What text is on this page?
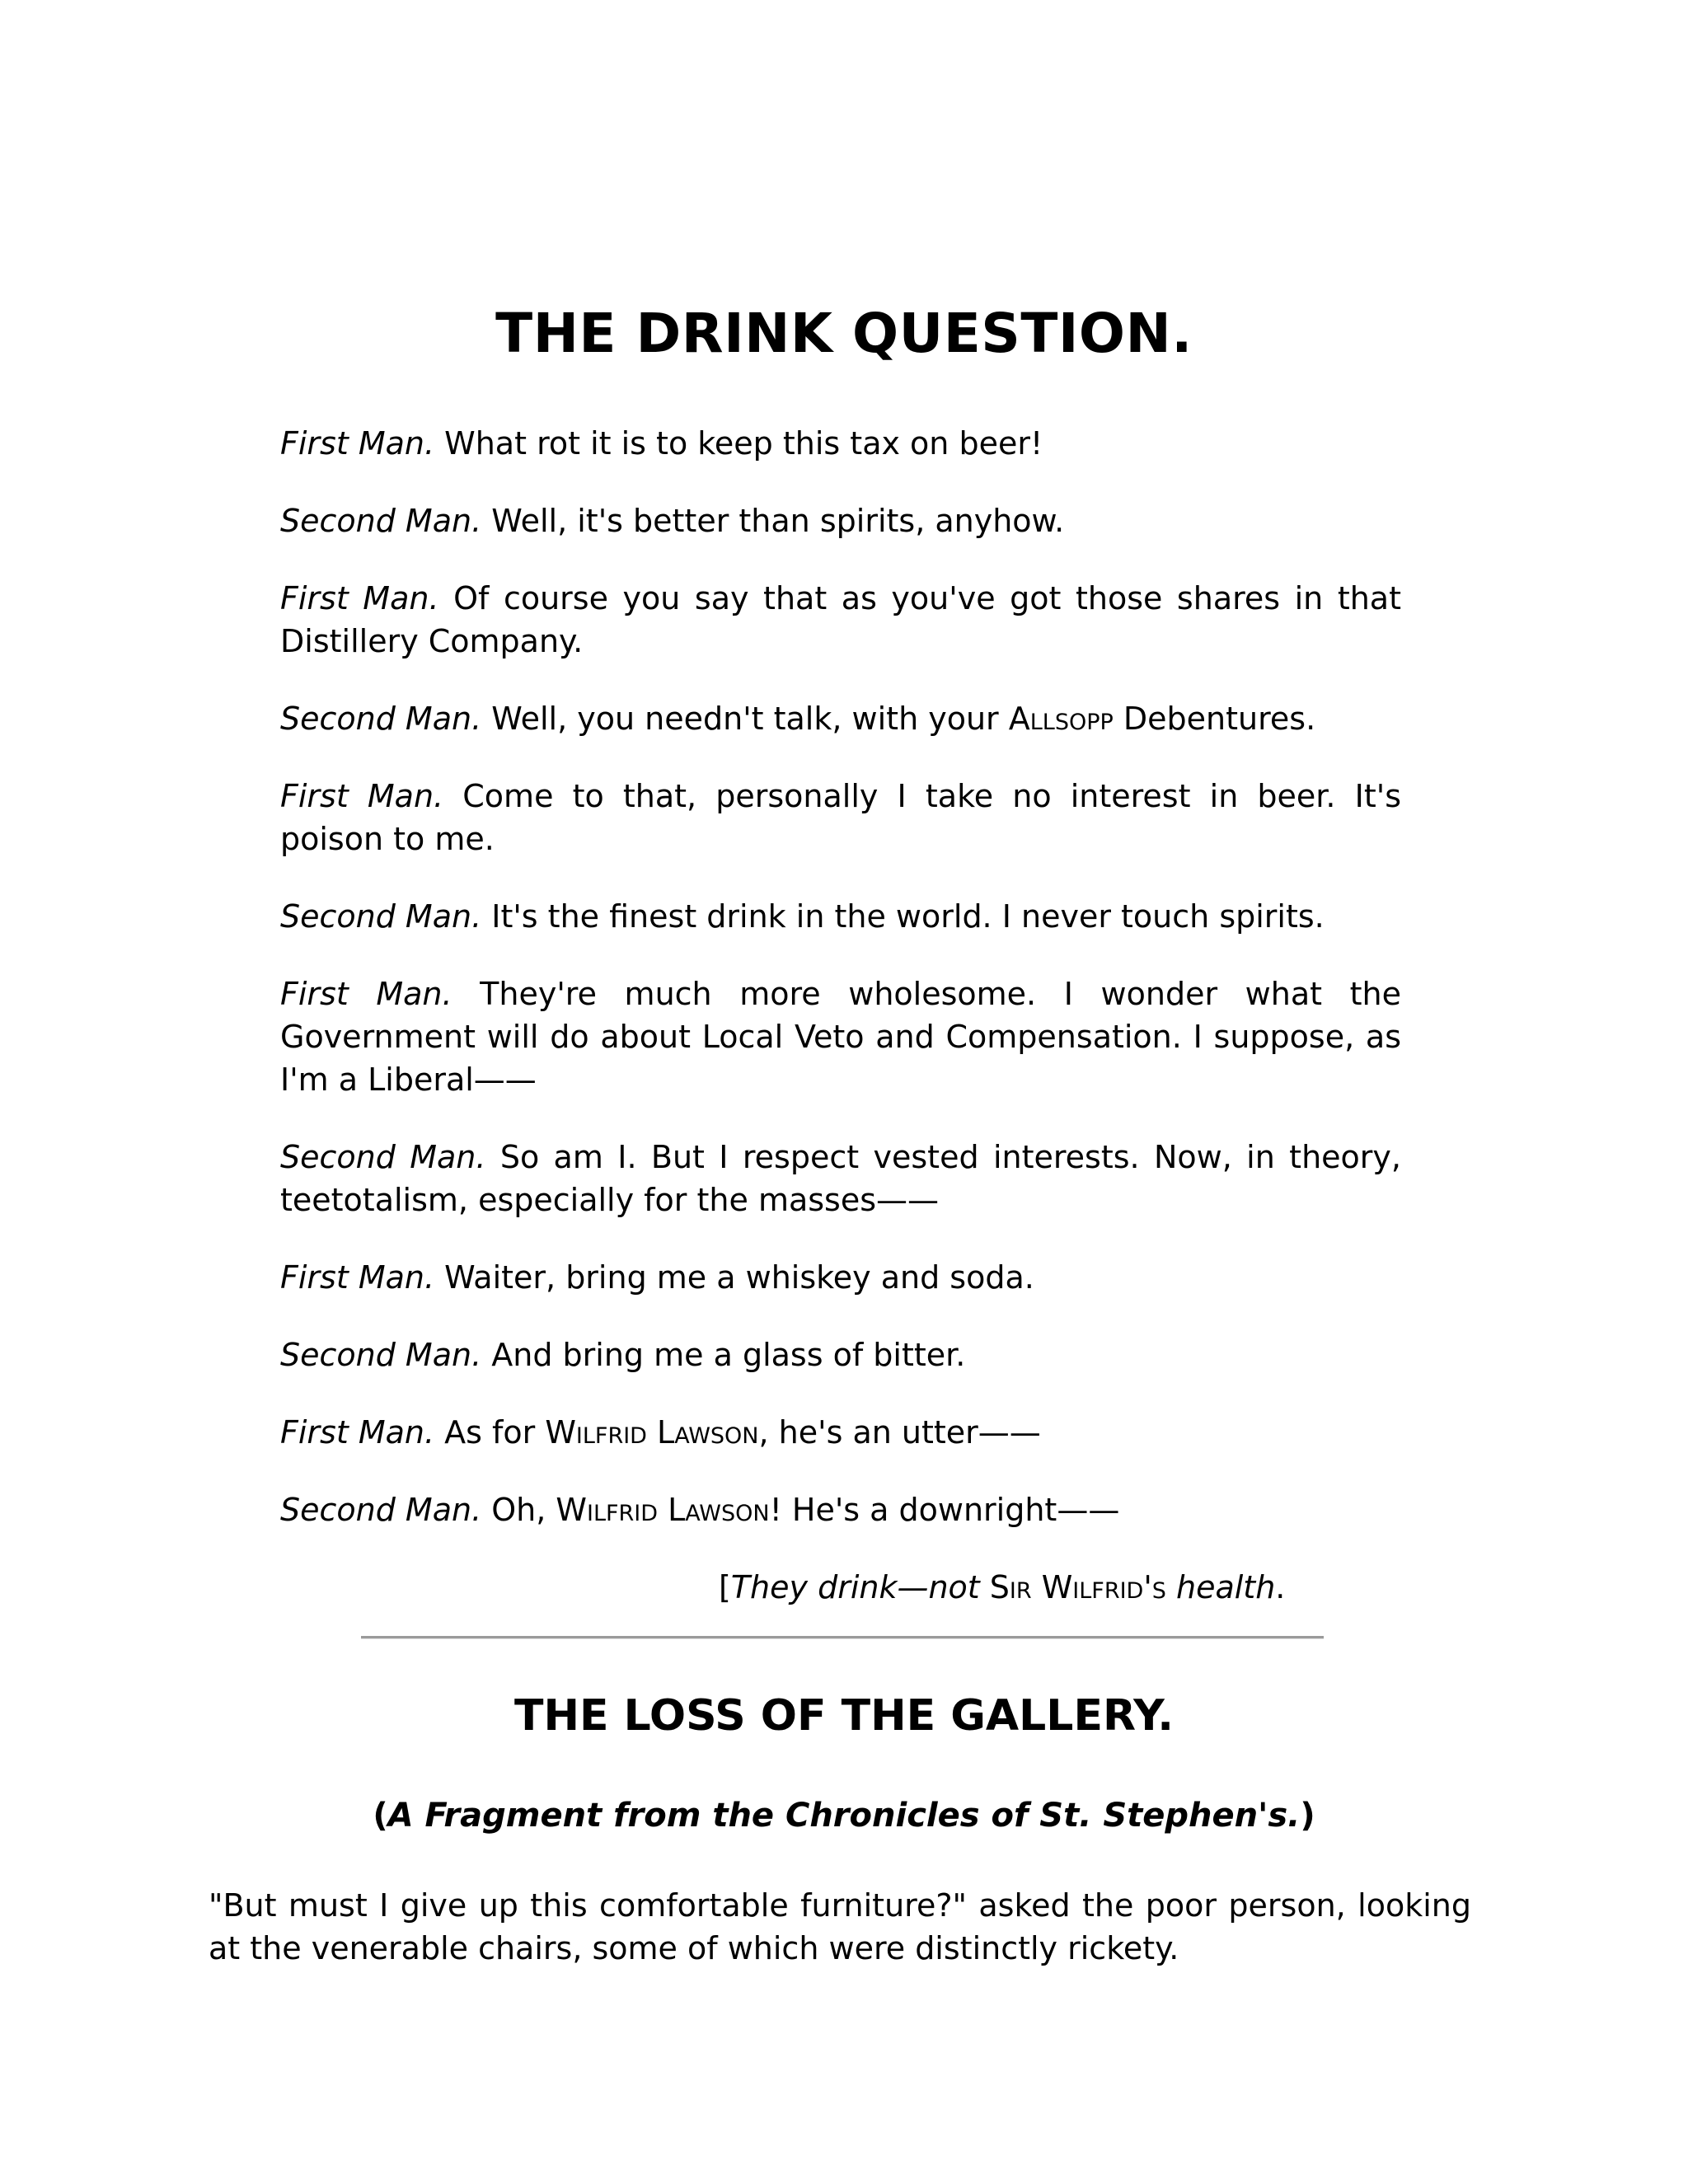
THE DRINK QUESTION.

First Man. What rot it is to keep this tax on beer!

Second Man. Well, it's better than spirits, anyhow.

First Man. Of course you say that as you've got those shares in that Distillery Company.

Second Man. Well, you needn't talk, with your Allsopp Debentures.

First Man. Come to that, personally I take no interest in beer. It's poison to me.

Second Man. It's the finest drink in the world. I never touch spirits.

First Man. They're much more wholesome. I wonder what the Government will do about Local Veto and Compensation. I suppose, as I'm a Liberal——

Second Man. So am I. But I respect vested interests. Now, in theory, teetotalism, especially for the masses——

First Man. Waiter, bring me a whiskey and soda.

Second Man. And bring me a glass of bitter.

First Man. As for Wilfrid Lawson, he's an utter——

Second Man. Oh, Wilfrid Lawson! He's a downright——

[They drink—not Sir Wilfrid's health.

THE LOSS OF THE GALLERY.

(A Fragment from the Chronicles of St. Stephen's.)

"But must I give up this comfortable furniture?" asked the poor person, looking at the venerable chairs, some of which were distinctly rickety.
